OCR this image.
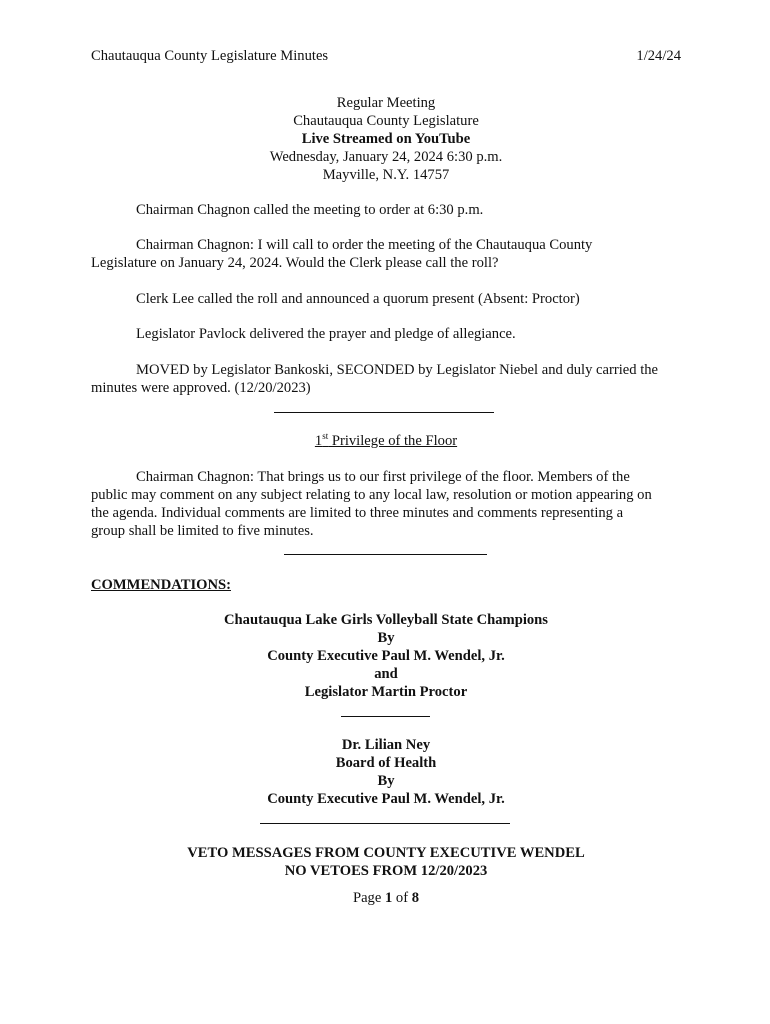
Chautauqua County Legislature Minutes	1/24/24
Regular Meeting
Chautauqua County Legislature
Live Streamed on YouTube
Wednesday, January 24, 2024 6:30 p.m.
Mayville, N.Y. 14757
Chairman Chagnon called the meeting to order at 6:30 p.m.
Chairman Chagnon: I will call to order the meeting of the Chautauqua County
Legislature on January 24, 2024. Would the Clerk please call the roll?
Clerk Lee called the roll and announced a quorum present (Absent: Proctor)
Legislator Pavlock delivered the prayer and pledge of allegiance.
MOVED by Legislator Bankoski, SECONDED by Legislator Niebel and duly carried the
minutes were approved. (12/20/2023)
1st Privilege of the Floor
Chairman Chagnon: That brings us to our first privilege of the floor. Members of the
public may comment on any subject relating to any local law, resolution or motion appearing on
the agenda. Individual comments are limited to three minutes and comments representing a
group shall be limited to five minutes.
COMMENDATIONS:
Chautauqua Lake Girls Volleyball State Champions
By
County Executive Paul M. Wendel, Jr.
and
Legislator Martin Proctor
Dr. Lilian Ney
Board of Health
By
County Executive Paul M. Wendel, Jr.
VETO MESSAGES FROM COUNTY EXECUTIVE WENDEL
NO VETOES FROM 12/20/2023
Page 1 of 8
